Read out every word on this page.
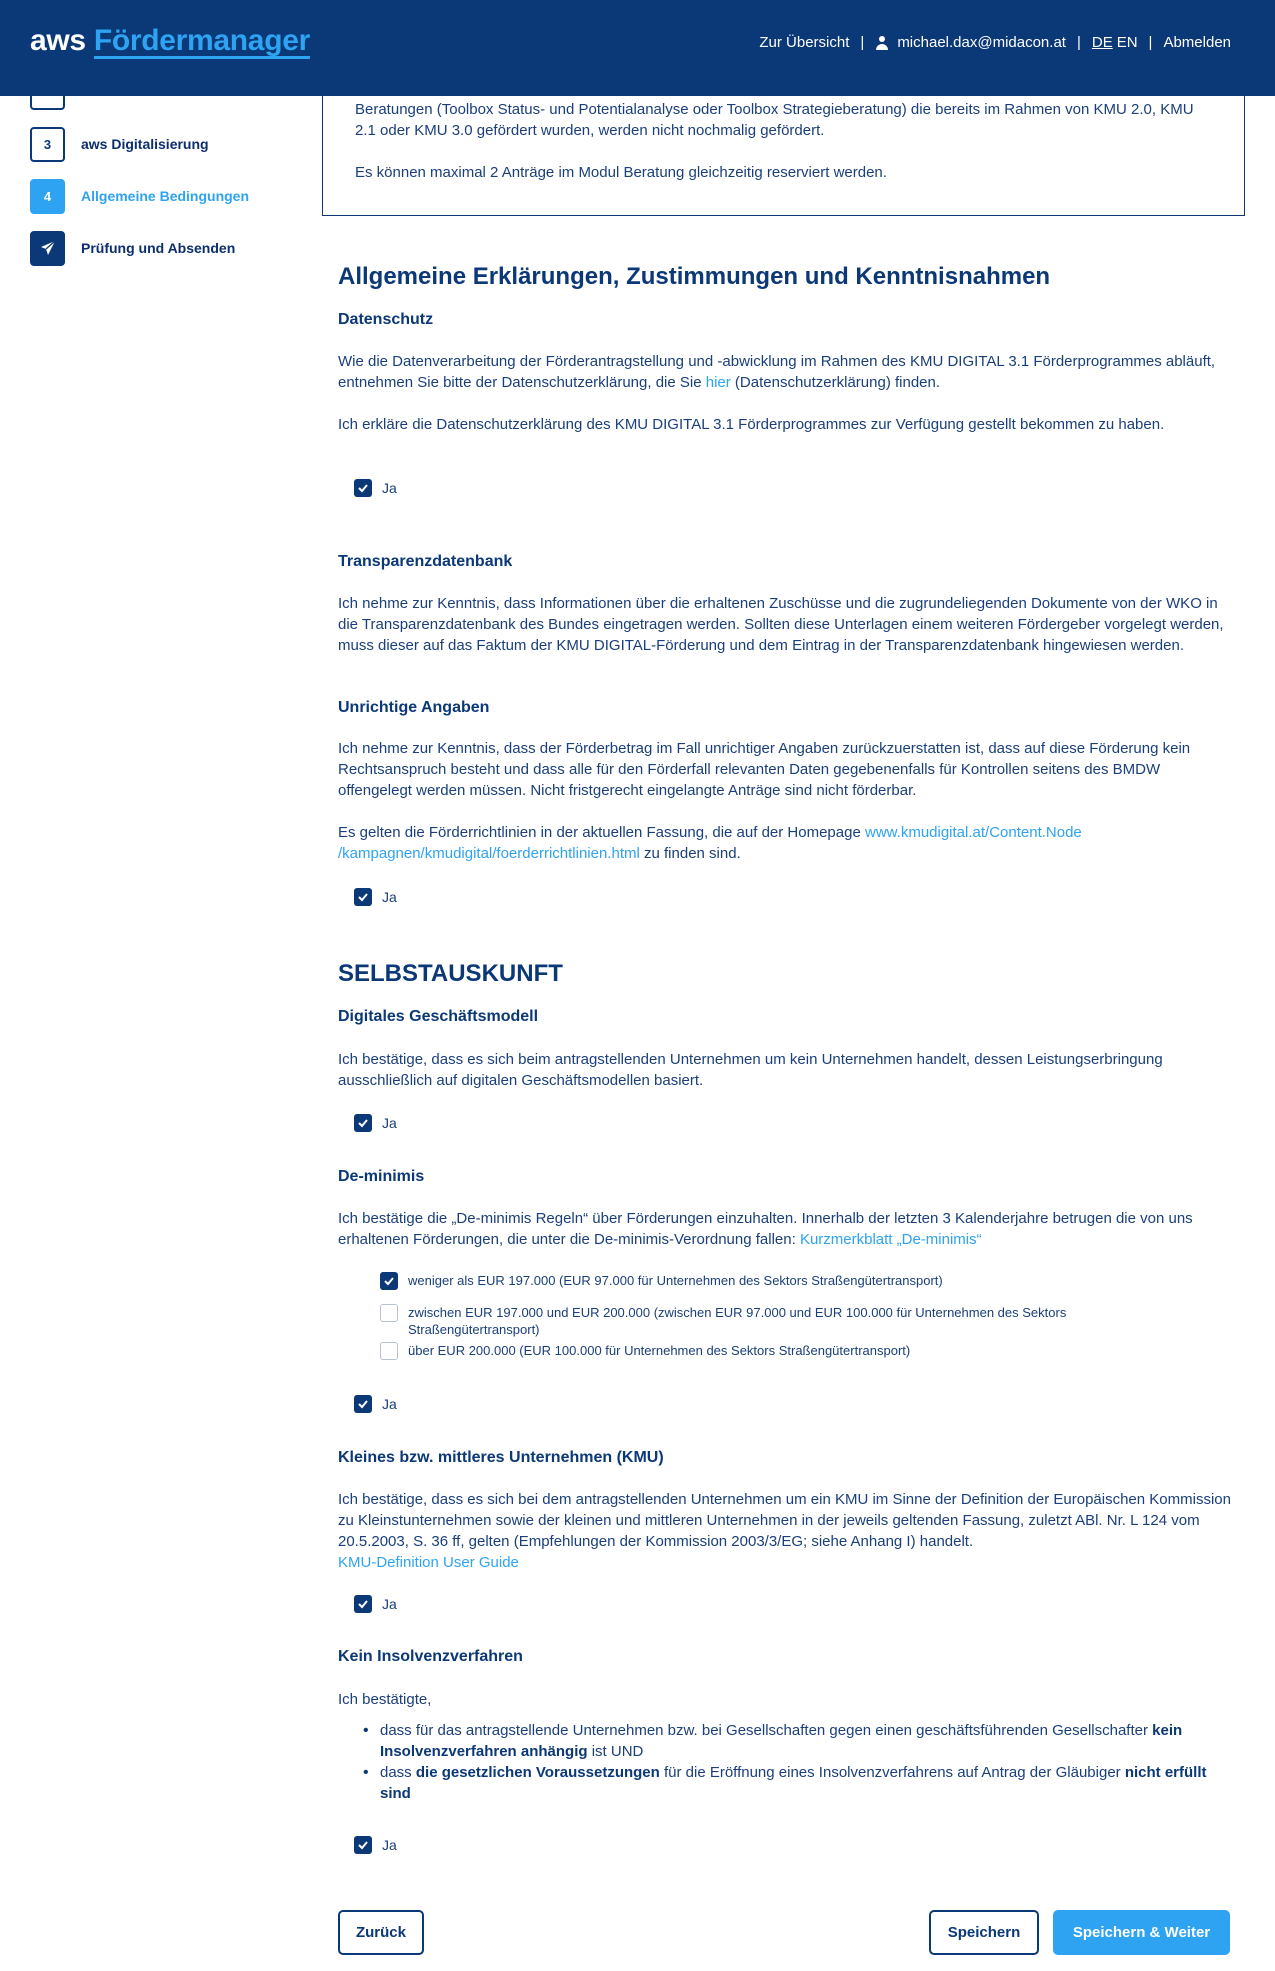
aws Fördermanager	Zur Übersicht | michael.dax@midacon.at | DE EN | Abmelden
3	aws Digitalisierung
4	Allgemeine Bedingungen
Prüfung und Absenden

Beratungen (Toolbox Status- und Potentialanalyse oder Toolbox Strategieberatung) die bereits im Rahmen von KMU 2.0, KMU 2.1 oder KMU 3.0 gefördert wurden, werden nicht nochmalig gefördert.

Es können maximal 2 Anträge im Modul Beratung gleichzeitig reserviert werden.

Allgemeine Erklärungen, Zustimmungen und Kenntnisnahmen
Datenschutz
Wie die Datenverarbeitung der Förderantragstellung und -abwicklung im Rahmen des KMU DIGITAL 3.1 Förderprogrammes abläuft, entnehmen Sie bitte der Datenschutzerklärung, die Sie hier (Datenschutzerklärung) finden.
Ich erkläre die Datenschutzerklärung des KMU DIGITAL 3.1 Förderprogrammes zur Verfügung gestellt bekommen zu haben.
Ja
Transparenzdatenbank
Ich nehme zur Kenntnis, dass Informationen über die erhaltenen Zuschüsse und die zugrundeliegenden Dokumente von der WKO in die Transparenzdatenbank des Bundes eingetragen werden. Sollten diese Unterlagen einem weiteren Fördergeber vorgelegt werden, muss dieser auf das Faktum der KMU DIGITAL-Förderung und dem Eintrag in der Transparenzdatenbank hingewiesen werden.
Unrichtige Angaben
Ich nehme zur Kenntnis, dass der Förderbetrag im Fall unrichtiger Angaben zurückzuerstatten ist, dass auf diese Förderung kein Rechtsanspruch besteht und dass alle für den Förderfall relevanten Daten gegebenenfalls für Kontrollen seitens des BMDW offengelegt werden müssen. Nicht fristgerecht eingelangte Anträge sind nicht förderbar.
Es gelten die Förderrichtlinien in der aktuellen Fassung, die auf der Homepage www.kmudigital.at/Content.Node
/kampagnen/kmudigital/foerderrichtlinien.html zu finden sind.
Ja
SELBSTAUSKUNFT
Digitales Geschäftsmodell
Ich bestätige, dass es sich beim antragstellenden Unternehmen um kein Unternehmen handelt, dessen Leistungserbringung ausschließlich auf digitalen Geschäftsmodellen basiert.
Ja
De-minimis
Ich bestätige die „De-minimis Regeln“ über Förderungen einzuhalten. Innerhalb der letzten 3 Kalenderjahre betrugen die von uns erhaltenen Förderungen, die unter die De-minimis-Verordnung fallen: Kurzmerkblatt „De-minimis“
weniger als EUR 197.000 (EUR 97.000 für Unternehmen des Sektors Straßengütertransport)
zwischen EUR 197.000 und EUR 200.000 (zwischen EUR 97.000 und EUR 100.000 für Unternehmen des Sektors Straßengütertransport)
über EUR 200.000 (EUR 100.000 für Unternehmen des Sektors Straßengütertransport)
Ja
Kleines bzw. mittleres Unternehmen (KMU)
Ich bestätige, dass es sich bei dem antragstellenden Unternehmen um ein KMU im Sinne der Definition der Europäischen Kommission zu Kleinstunternehmen sowie der kleinen und mittleren Unternehmen in der jeweils geltenden Fassung, zuletzt ABl. Nr. L 124 vom 20.5.2003, S. 36 ff, gelten (Empfehlungen der Kommission 2003/3/EG; siehe Anhang I) handelt.
KMU-Definition User Guide
Ja
Kein Insolvenzverfahren
Ich bestätigte,
• dass für das antragstellende Unternehmen bzw. bei Gesellschaften gegen einen geschäftsführenden Gesellschafter kein Insolvenzverfahren anhängig ist UND
• dass die gesetzlichen Voraussetzungen für die Eröffnung eines Insolvenzverfahrens auf Antrag der Gläubiger nicht erfüllt sind
Ja
Zurück	Speichern	Speichern & Weiter
